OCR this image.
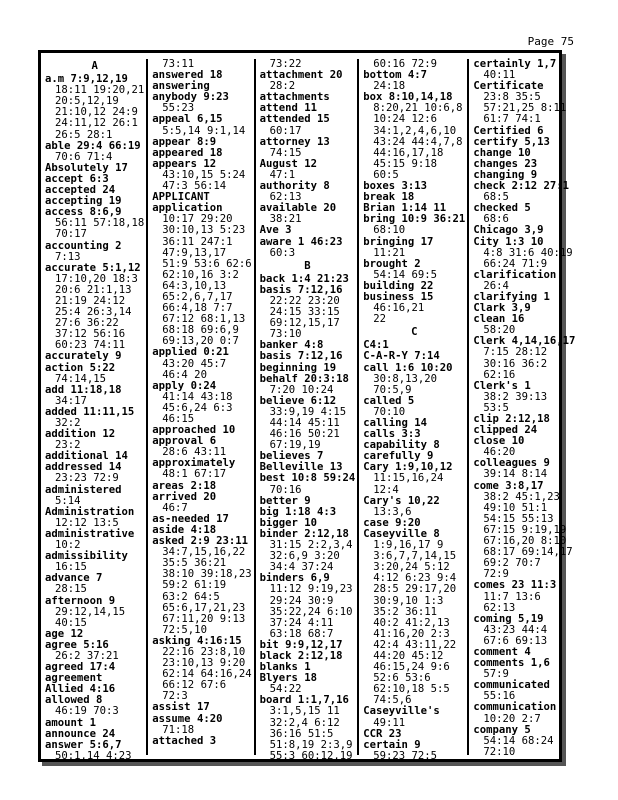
Page 75
A
a.m 7:9,12,19
18:11 19:20,21
20:5,12,19
21:10,12 24:9
24:11,12 26:1
26:5 28:1
able 29:4 66:19
70:6 71:4
Absolutely 17
accept 6:3
accepted 24
accepting 19
access 8:6,9
56:11 57:18,18
70:17
accounting 2
7:13
accurate 5:1,12
17:10,20 18:3
20:6 21:1,13
21:19 24:12
25:4 26:3,14
27:6 36:22
37:12 56:16
60:23 74:11
accurately 9
action 5:22
74:14,15
add 11:18,18
34:17
added 11:11,15
32:2
addition 12
23:2
additional 14
addressed 14
23:23 72:9
administered
5:14
Administration
12:12 13:5
administrative
10:2
admissibility
16:15
advance 7
28:15
afternoon 9
29:12,14,15
40:15
age 12
agree 5:16
26:2 37:21
agreed 17:4
agreement
Allied 4:16
allowed 8
46:19 70:3
amount 1
announce 24
answer 5:6,7
50:1,14 4:23
73:11
answered 18
answering
anybody 9:23
55:23
appeal 6,15
5:5,14 9:1,14
appear 8:9
appeared 18
appears 12
43:10,15 5:24
47:3 56:14
APPLICANT
application
10:17 29:20
30:10,13 5:23
36:11 247:1
47:9,13,17
51:9 53:6 62:6
62:10,16 3:2
64:3,10,13
65:2,6,7,17
66:4,18 7:7
67:12 68:1,13
68:18 69:6,9
69:13,20 0:7
applied 0:21
43:20 45:7
46:4 20
apply 0:24
41:14 43:18
45:6,24 6:3
46:15
approached 10
approval 6
28:6 43:11
approximately
48:1 67:17
areas 2:18
arrived 20
46:7
as-needed 17
aside 4:18
asked 2:9 23:11
34:7,15,16,22
35:5 36:21
38:10 39:18,23
59:2 61:19
63:2 64:5
65:6,17,21,23
67:11,20 9:13
72:5,10
asking 4:16:15
22:16 23:8,10
23:10,13 9:20
62:14 64:16,24
66:12 67:6
72:3
assist 17
assume 4:20
71:18
attached 3
73:22
attachment 20
28:2
attachments
attend 11
attended 15
60:17
attorney 13
74:15
August 12
47:1
authority 8
62:13
available 20
38:21
Ave 3
aware 1 46:23
60:3
B
back 1:4 21:23
basis 7:12,16
22:22 23:20
24:15 33:15
69:12,15,17
73:10
banker 4:8
basis 7:12,16
beginning 19
behalf 20:3:18
7:20 10:24
believe 6:12
33:9,19 4:15
44:14 45:11
46:16 50:21
67:19,19
believes 7
Belleville 13
best 10:8 59:24
70:16
better 9
big 1:18 4:3
bigger 10
binder 2:12,18
31:15 2:2,3,4
32:6,9 3:20
34:4 37:24
binders 6,9
11:12 9:19,23
29:24 30:9
35:22,24 6:10
37:24 4:11
63:18 68:7
bit 9:9,12,17
black 2:12,18
blanks 1
Blyers 18
54:22
board 1:1,7,16
3:1,5,15 11
32:2,4 6:12
36:16 51:5
51:8,19 2:3,9
55:3 60:12,19
60:16 72:9
bottom 4:7
24:18
box 8:10,14,18
8:20,21 10:6,8
10:24 12:6
34:1,2,4,6,10
43:24 44:4,7,8
44:16,17,18
45:15 9:18
60:5
boxes 3:13
break 18
Brian 1:14 11
bring 10:9 36:21
68:10
bringing 17
11:21
brought 2
54:14 69:5
building 22
business 15
46:16,21
22
C
C4:1
C-A-R-Y 7:14
call 1:6 10:20
30:8,13,20
70:5,9
called 5
70:10
calling 14
calls 3:3
capability 8
carefully 9
Cary 1:9,10,12
11:15,16,24
12:4
Cary's 10,22
13:3,6
case 9:20
Caseyville 8
1:9,16,17 9
3:6,7,7,14,15
3:20,24 5:12
4:12 6:23 9:4
28:5 29:17,20
30:9,10 1:3
35:2 36:11
40:2 41:2,13
41:16,20 2:3
42:4 43:11,22
44:20 45:12
46:15,24 9:6
52:6 53:6
62:10,18 5:5
74:5,6
Caseyville's
49:11
CCR 23
certain 9
59:23 72:5
certainly 1,7
40:11
Certificate
23:8 35:5
57:21,25 8:11
61:7 74:1
Certified 6
certify 5,13
change 10
changes 23
changing 9
check 2:12 27:1
68:5
checked 5
68:6
Chicago 3,9
City 1:3 10
4:8 31:6 40:19
66:24 71:9
clarification
26:4
clarifying 1
Clark 3,9
clean 16
58:20
Clerk 4,14,16,17
7:15 28:12
30:16 36:2
62:16
Clerk's 1
38:2 39:13
53:5
clip 2:12,18
clipped 24
close 10
46:20
colleagues 9
39:14 8:14
come 3:8,17
38:2 45:1,23
49:10 51:1
54:15 55:13
67:15 9:19,19
67:16,20 8:10
68:17 69:14,17
69:2 70:7
72:9
comes 23 11:3
11:7 13:6
62:13
coming 5,19
43:23 44:4
67:6 69:13
comment 4
comments 1,6
57:9
communicated
55:16
communication
10:20 2:7
company 5
54:14 68:24
72:10
